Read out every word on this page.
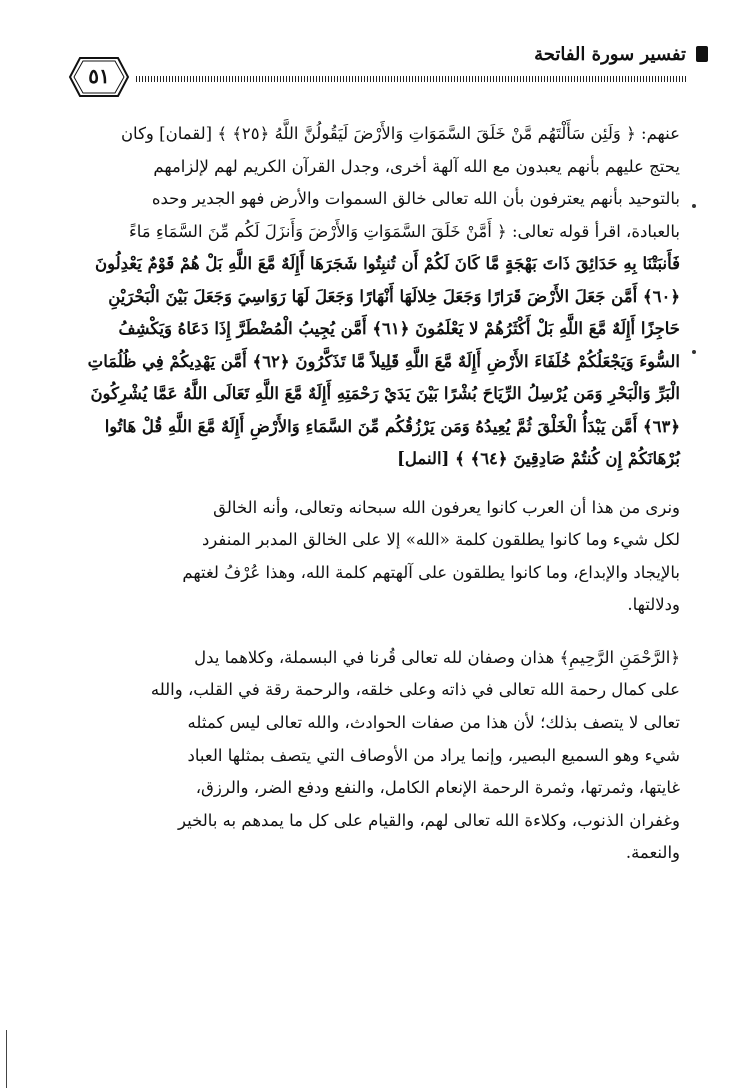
تفسير سورة الفاتحة
٥١

عنهم: ﴿ وَلَئِن سَأَلْتَهُم مَّنْ خَلَقَ السَّمَوَاتِ وَالأَرْضَ لَيَقُولُنَّ اللَّهُ ﴿٢٥﴾ ﴾ [لقمان] وكان

يحتج عليهم بأنهم يعبدون مع الله آلهة أخرى، وجدل القرآن الكريم لهم لإلزامهم

بالتوحيد بأنهم يعترفون بأن الله تعالى خالق السموات والأرض فهو الجدير وحده

بالعبادة، اقرأ قوله تعالى: ﴿ أَمَّنْ خَلَقَ السَّمَوَاتِ وَالأَرْضَ وَأَنزَلَ لَكُم مِّنَ السَّمَاءِ مَاءً

فَأَنبَتْنَا بِهِ حَدَائِقَ ذَاتَ بَهْجَةٍ مَّا كَانَ لَكُمْ أَن تُنبِتُوا شَجَرَهَا أَإِلَهٌ مَّعَ اللَّهِ بَلْ هُمْ قَوْمٌ يَعْدِلُونَ

﴿٦٠﴾ أَمَّن جَعَلَ الأَرْضَ قَرَارًا وَجَعَلَ خِلالَهَا أَنْهَارًا وَجَعَلَ لَهَا رَوَاسِيَ وَجَعَلَ بَيْنَ الْبَحْرَيْنِ

حَاجِزًا أَإِلَهٌ مَّعَ اللَّهِ بَلْ أَكْثَرُهُمْ لا يَعْلَمُونَ ﴿٦١﴾ أَمَّن يُجِيبُ الْمُضْطَرَّ إِذَا دَعَاهُ وَيَكْشِفُ

السُّوءَ وَيَجْعَلُكُمْ خُلَفَاءَ الأَرْضِ أَإِلَهٌ مَّعَ اللَّهِ قَلِيلاً مَّا تَذَكَّرُونَ ﴿٦٢﴾ أَمَّن يَهْدِيكُمْ فِي ظُلُمَاتِ

الْبَرِّ وَالْبَحْرِ وَمَن يُرْسِلُ الرِّيَاحَ بُشْرًا بَيْنَ يَدَيْ رَحْمَتِهِ أَإِلَهٌ مَّعَ اللَّهِ تَعَالَى اللَّهُ عَمَّا يُشْرِكُونَ

﴿٦٣﴾ أَمَّن يَبْدَأُ الْخَلْقَ ثُمَّ يُعِيدُهُ وَمَن يَرْزُقُكُم مِّنَ السَّمَاءِ وَالأَرْضِ أَإِلَهٌ مَّعَ اللَّهِ قُلْ هَاتُوا

بُرْهَانَكُمْ إِن كُنتُمْ صَادِقِينَ ﴿٦٤﴾ ﴾ [النمل]

ونرى من هذا أن العرب كانوا يعرفون الله سبحانه وتعالى، وأنه الخالق

لكل شيء وما كانوا يطلقون كلمة «الله» إلا على الخالق المدبر المنفرد

بالإيجاد والإبداع، وما كانوا يطلقون على آلهتهم كلمة الله، وهذا عُرْفُ لغتهم

ودلالتها.

﴿الرَّحْمَنِ الرَّحِيمِ﴾ هذان وصفان لله تعالى قُرنا في البسملة، وكلاهما يدل

على كمال رحمة الله تعالى في ذاته وعلى خلقه، والرحمة رقة في القلب، والله

تعالى لا يتصف بذلك؛ لأن هذا من صفات الحوادث، والله تعالى ليس كمثله

شيء وهو السميع البصير، وإنما يراد من الأوصاف التي يتصف بمثلها العباد

غايتها، وثمرتها، وثمرة الرحمة الإنعام الكامل، والنفع ودفع الضر، والرزق،

وغفران الذنوب، وكلاءة الله تعالى لهم، والقيام على كل ما يمدهم به بالخير

والنعمة.
